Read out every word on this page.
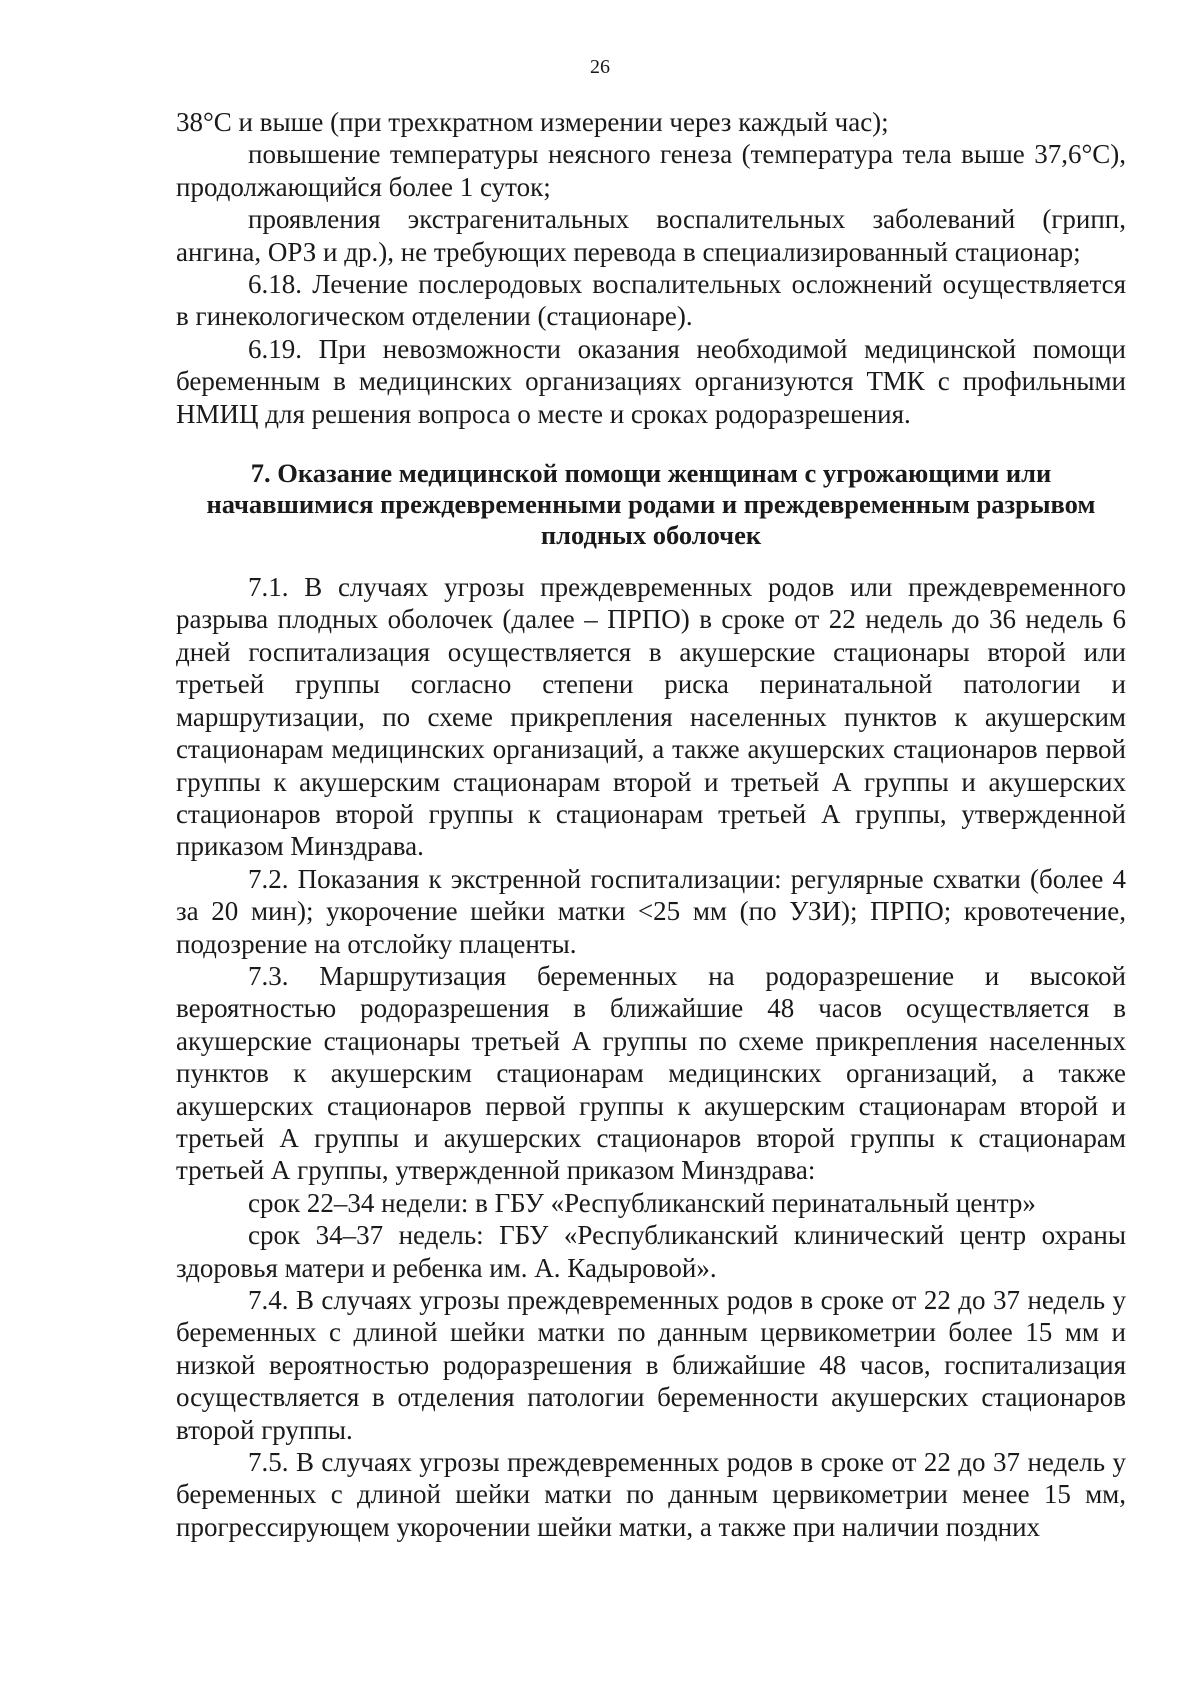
26

38°С и выше (при трехкратном измерении через каждый час);

повышение температуры неясного генеза (температура тела выше 37,6°С), продолжающийся более 1 суток;

проявления экстрагенитальных воспалительных заболеваний (грипп, ангина, ОРЗ и др.), не требующих перевода в специализированный стационар;

6.18. Лечение послеродовых воспалительных осложнений осуществляется в гинекологическом отделении (стационаре).

6.19. При невозможности оказания необходимой медицинской помощи беременным в медицинских организациях организуются ТМК с профильными НМИЦ для решения вопроса о месте и сроках родоразрешения.

7. Оказание медицинской помощи женщинам с угрожающими или начавшимися преждевременными родами и преждевременным разрывом плодных оболочек

7.1. В случаях угрозы преждевременных родов или преждевременного разрыва плодных оболочек (далее – ПРПО) в сроке от 22 недель до 36 недель 6 дней госпитализация осуществляется в акушерские стационары второй или третьей группы согласно степени риска перинатальной патологии и маршрутизации, по схеме прикрепления населенных пунктов к акушерским стационарам медицинских организаций, а также акушерских стационаров первой группы к акушерским стационарам второй и третьей А группы и акушерских стационаров второй группы к стационарам третьей А группы, утвержденной приказом Минздрава.

7.2. Показания к экстренной госпитализации: регулярные схватки (более 4 за 20 мин); укорочение шейки матки <25 мм (по УЗИ); ПРПО; кровотечение, подозрение на отслойку плаценты.

7.3. Маршрутизация беременных на родоразрешение и высокой вероятностью родоразрешения в ближайшие 48 часов осуществляется в акушерские стационары третьей А группы по схеме прикрепления населенных пунктов к акушерским стационарам медицинских организаций, а также акушерских стационаров первой группы к акушерским стационарам второй и третьей А группы и акушерских стационаров второй группы к стационарам третьей А группы, утвержденной приказом Минздрава:

срок 22–34 недели: в ГБУ «Республиканский перинатальный центр»

срок 34–37 недель: ГБУ «Республиканский клинический центр охраны здоровья матери и ребенка им. А. Кадыровой».

7.4. В случаях угрозы преждевременных родов в сроке от 22 до 37 недель у беременных с длиной шейки матки по данным цервикометрии более 15 мм и низкой вероятностью родоразрешения в ближайшие 48 часов, госпитализация осуществляется в отделения патологии беременности акушерских стационаров второй группы.

7.5. В случаях угрозы преждевременных родов в сроке от 22 до 37 недель у беременных с длиной шейки матки по данным цервикометрии менее 15 мм, прогрессирующем укорочении шейки матки, а также при наличии поздних
